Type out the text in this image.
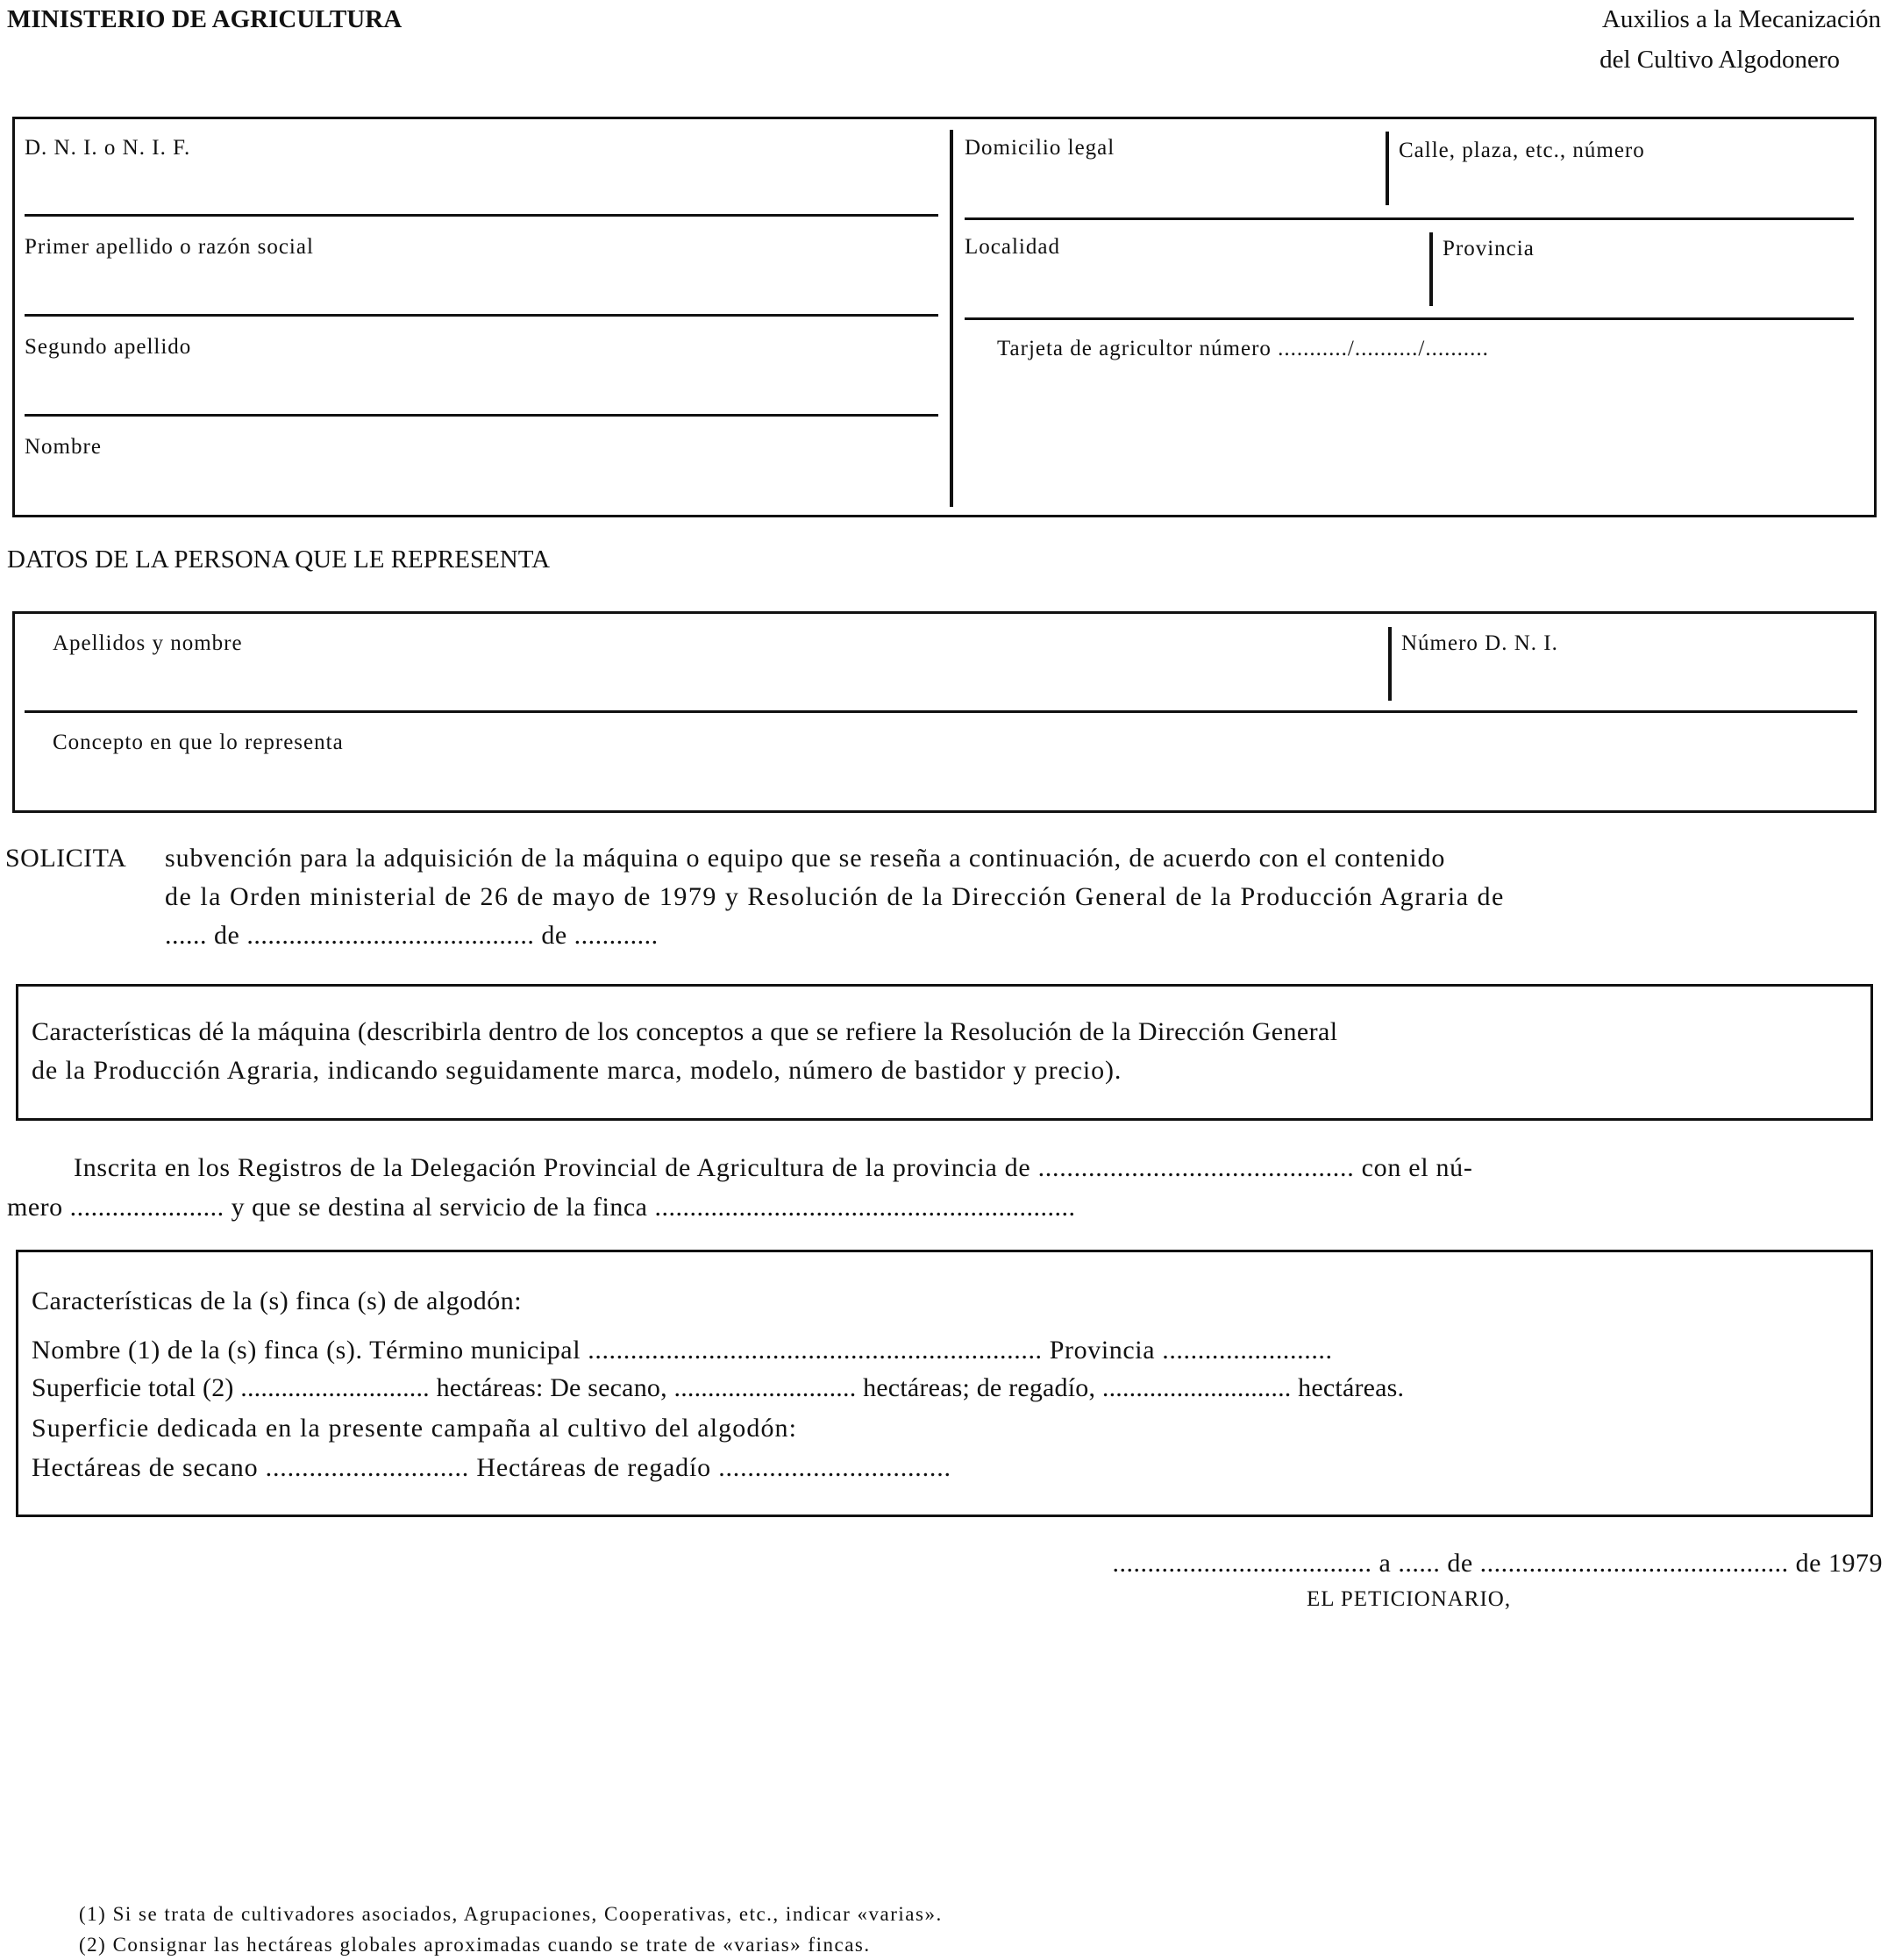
MINISTERIO DE AGRICULTURA	Auxilios a la Mecanización
del Cultivo Algodonero
D. N. I. o N. I. F.
Primer apellido o razón social
Segundo apellido
Nombre
Domicilio legal	Calle, plaza, etc., número
Localidad	Provincia
Tarjeta de agricultor número .........../........../..........
DATOS DE LA PERSONA QUE LE REPRESENTA
Apellidos y nombre	Número D. N. I.
Concepto en que lo representa
SOLICITA subvención para la adquisición de la máquina o equipo que se reseña a continuación, de acuerdo con el contenido
de la Orden ministerial de 26 de mayo de 1979 y Resolución de la Dirección General de la Producción Agraria de
...... de ......................................... de ............
Características dé la máquina (describirla dentro de los conceptos a que se refiere la Resolución de la Dirección General
de la Producción Agraria, indicando seguidamente marca, modelo, número de bastidor y precio).
Inscrita en los Registros de la Delegación Provincial de Agricultura de la provincia de ............................................ con el nú-
mero ...................... y que se destina al servicio de la finca ............................................................
Características de la (s) finca (s) de algodón:
Nombre (1) de la (s) finca (s). Término municipal ................................................................ Provincia ........................
Superficie total (2) ............................ hectáreas: De secano, ........................... hectáreas; de regadío, ............................ hectáreas.
Superficie dedicada en la presente campaña al cultivo del algodón:
Hectáreas de secano ............................ Hectáreas de regadío ................................
..................................... a ...... de ............................................ de 1979
EL PETICIONARIO,
(1) Si se trata de cultivadores asociados, Agrupaciones, Cooperativas, etc., indicar «varias».
(2) Consignar las hectáreas globales aproximadas cuando se trate de «varias» fincas.
